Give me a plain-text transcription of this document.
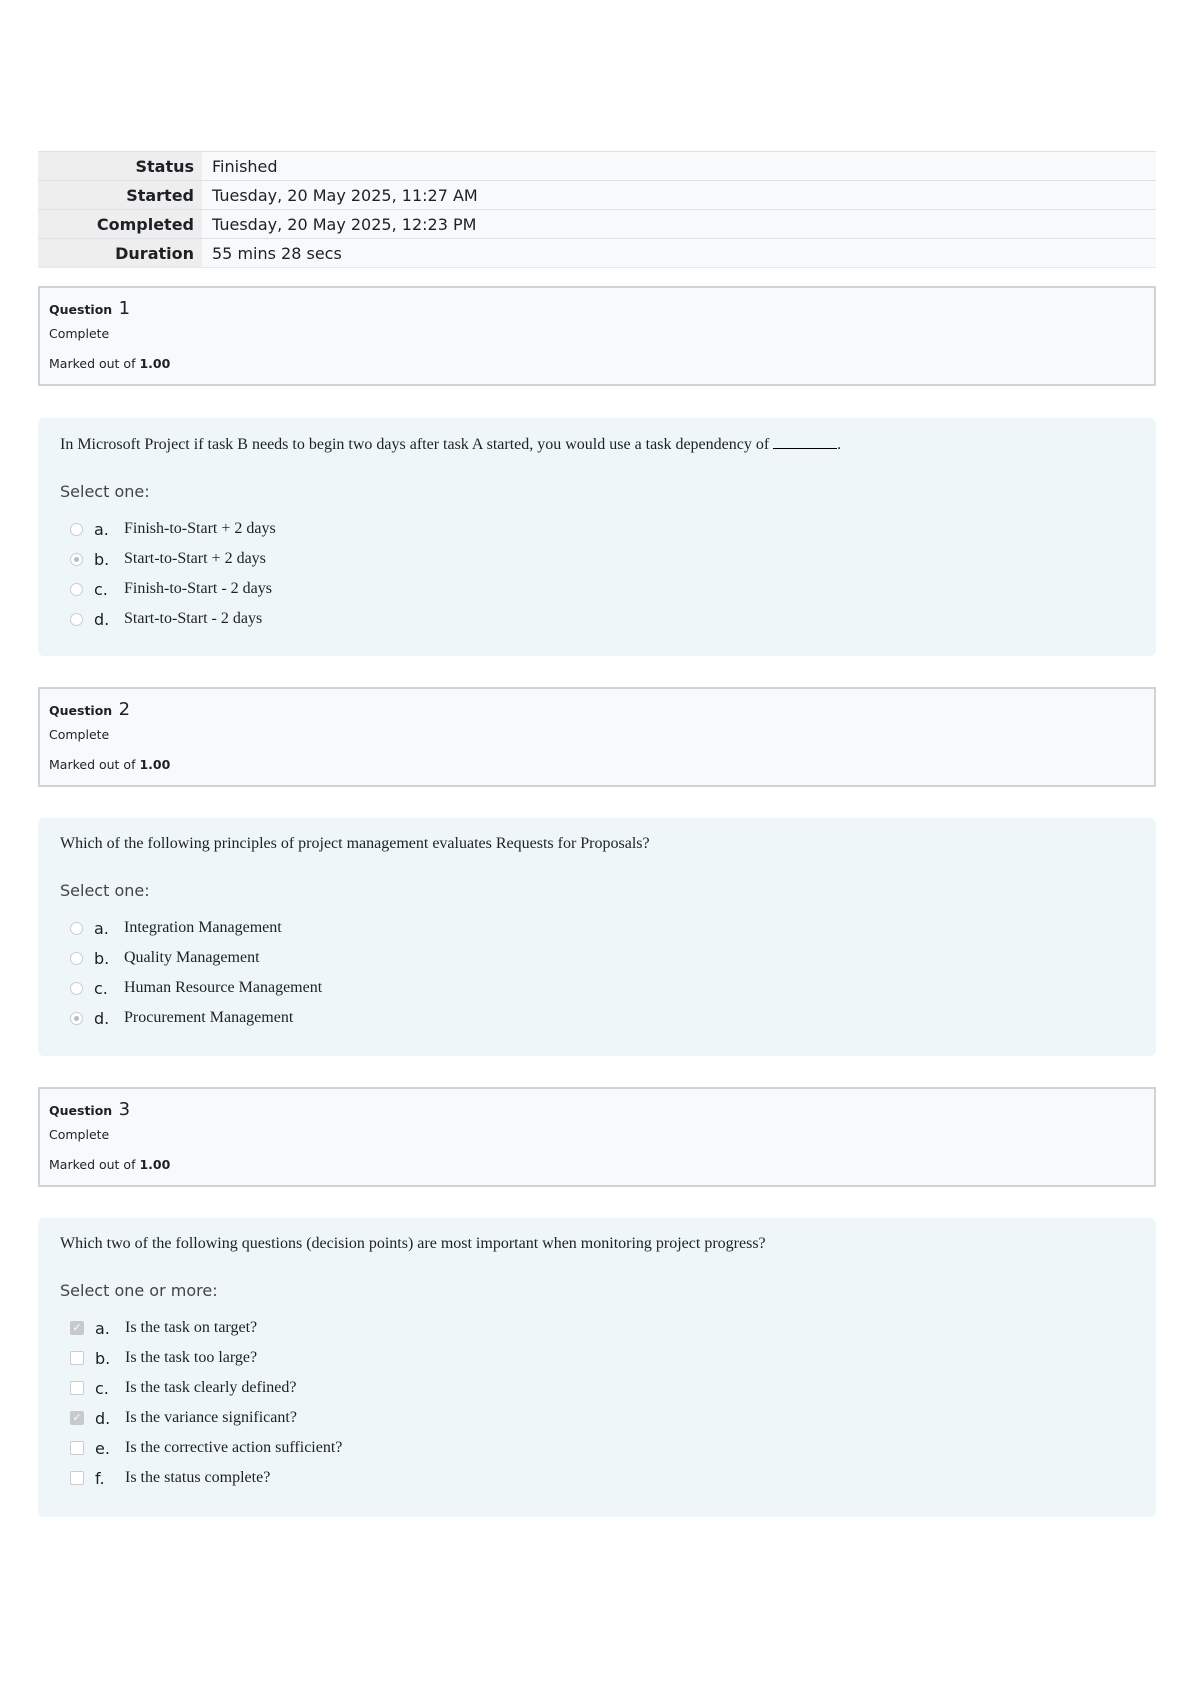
Status	Finished
Started	Tuesday, 20 May 2025, 11:27 AM
Completed	Tuesday, 20 May 2025, 12:23 PM
Duration	55 mins 28 secs
Question 1
Complete
Marked out of 1.00
In Microsoft Project if task B needs to begin two days after task A started, you would use a task dependency of	.
Select one:
a. Finish-to-Start + 2 days
b. Start-to-Start + 2 days
c.	Finish-to-Start - 2 days
d. Start-to-Start - 2 days
Question 2
Complete
Marked out of 1.00
Which of the following principles of project management evaluates Requests for Proposals?
Select one:
a. Integration Management
b. Quality Management
c.	Human Resource Management
d. Procurement Management
Question 3
Complete
Marked out of 1.00
Which two of the following questions (decision points) are most important when monitoring project progress?
Select one or more:
✓ a. Is the task on target?
b. Is the task too large?
c.	Is the task clearly defined?
✓ d. Is the variance significant?
e. Is the corrective action sufficient?
f.	Is the status complete?
